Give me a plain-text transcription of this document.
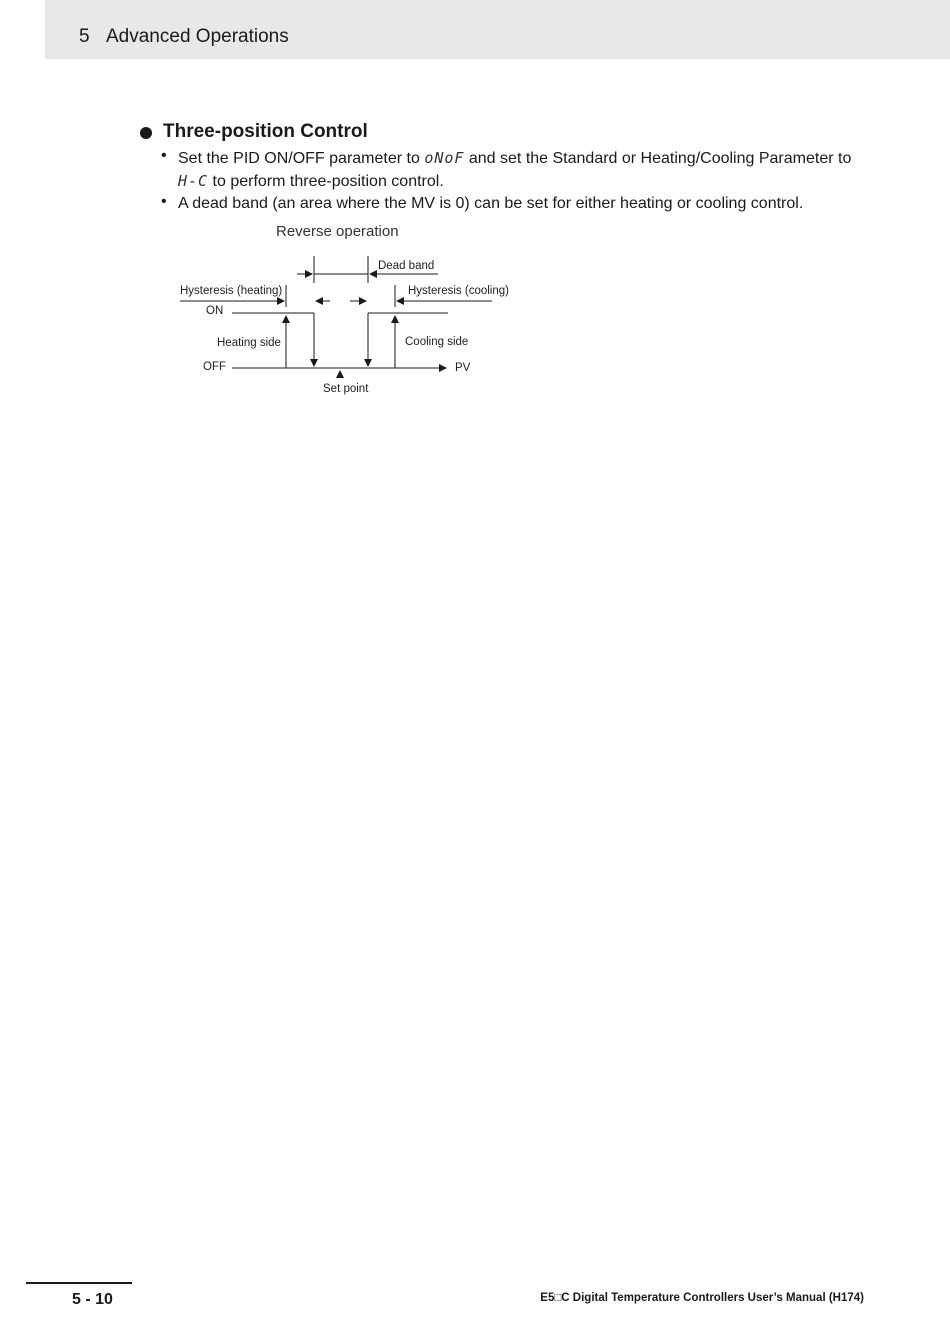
5 Advanced Operations
Three-position Control
• Set the PID ON/OFF parameter to oNoF and set the Standard or Heating/Cooling Parameter to
H-C to perform three-position control.
• A dead band (an area where the MV is 0) can be set for either heating or cooling control.
Reverse operation
Dead band
Hysteresis (heating)	Hysteresis (cooling)
ON
Heating side	Cooling side
OFF	PV
Set point
5 - 10	E5□C Digital Temperature Controllers User’s Manual (H174)
